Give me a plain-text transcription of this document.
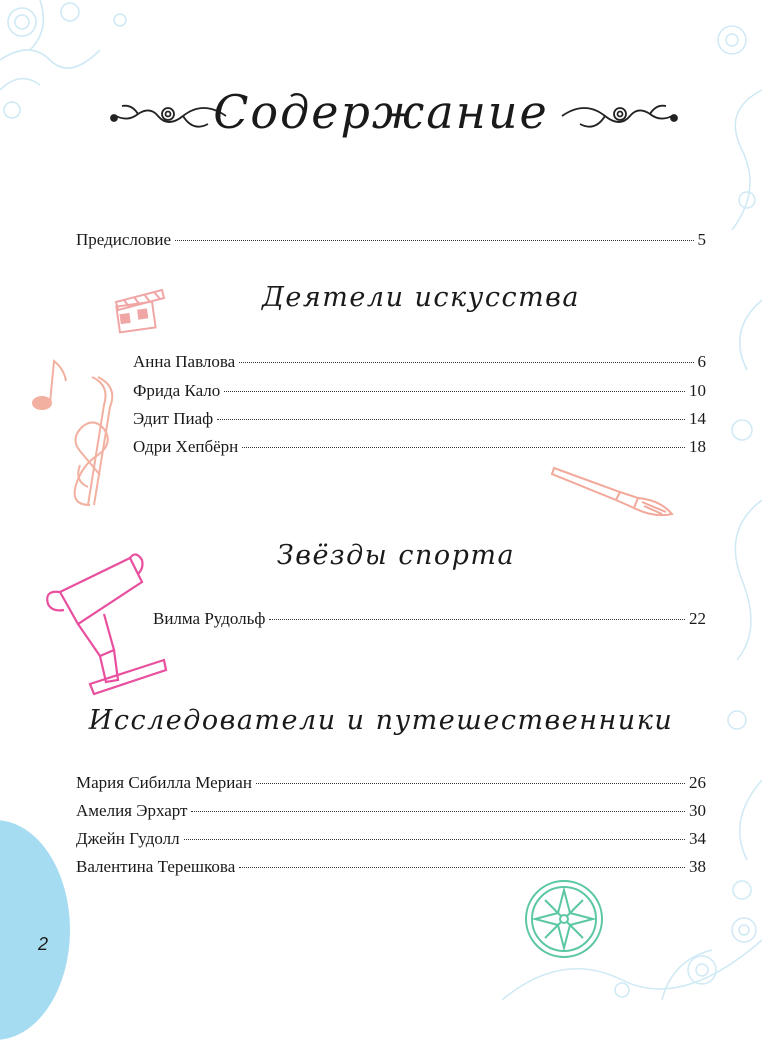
2
Содержание
Предисловие	5
Деятели искусства
Анна Павлова	6
Фрида Кало	10
Эдит Пиаф	14
Одри Хепбёрн	18
Звёзды спорта
Вилма Рудольф	22
Исследователи и путешественники
Мария Сибилла Мериан	26
Амелия Эрхарт	30
Джейн Гудолл	34
Валентина Терешкова	38
